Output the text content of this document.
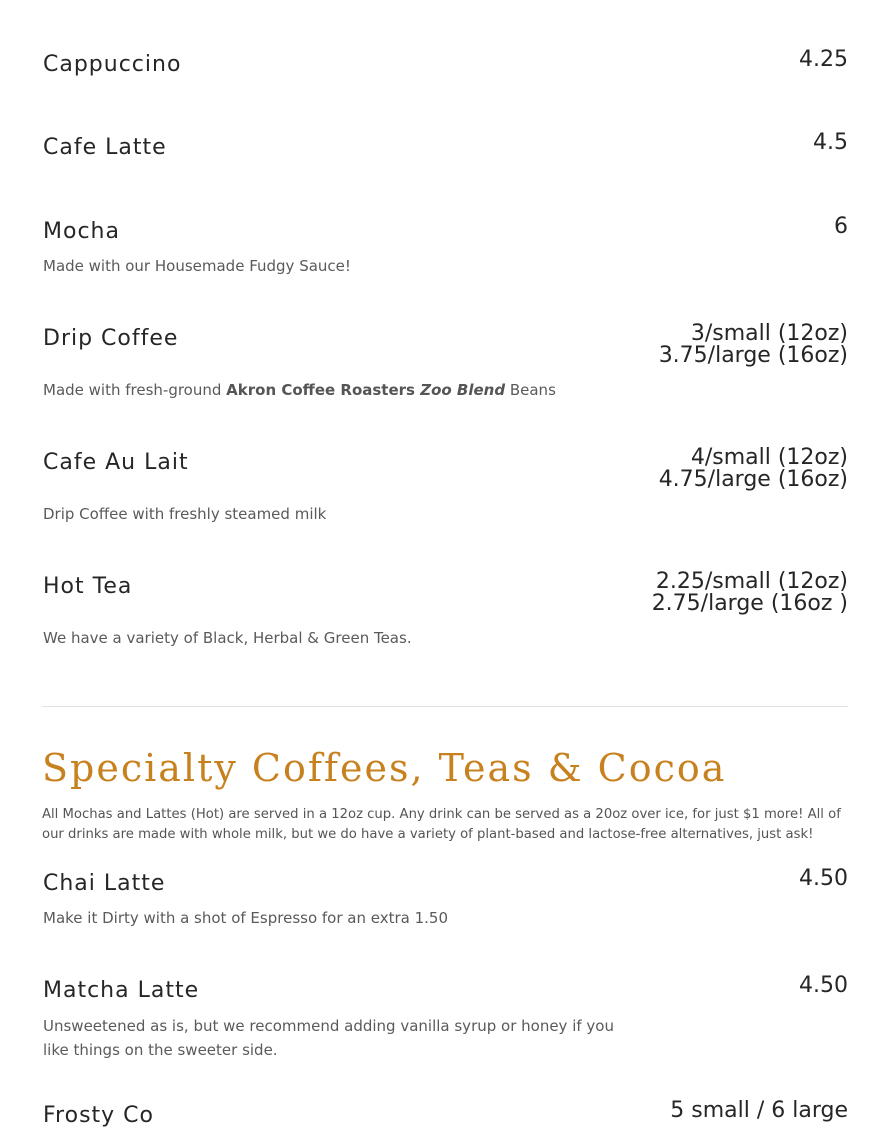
Cappuccino	4.25
Cafe Latte	4.5
Mocha	6
Made with our Housemade Fudgy Sauce!
Drip Coffee	3/small (12oz)
3.75/large (16oz)
Made with fresh-ground Akron Coffee Roasters Zoo Blend Beans
Cafe Au Lait	4/small (12oz)
4.75/large (16oz)
Drip Coffee with freshly steamed milk
Hot Tea	2.25/small (12oz)
2.75/large (16oz )
We have a variety of Black, Herbal & Green Teas.
Specialty Coffees, Teas & Cocoa
All Mochas and Lattes (Hot) are served in a 12oz cup. Any drink can be served as a 20oz over ice, for just $1 more! All of our drinks are made with whole milk, but we do have a variety of plant-based and lactose-free alternatives, just ask!
Chai Latte	4.50
Make it Dirty with a shot of Espresso for an extra 1.50
Matcha Latte	4.50
Unsweetened as is, but we recommend adding vanilla syrup or honey if you like things on the sweeter side.
Frosty Co	5 small / 6 large
